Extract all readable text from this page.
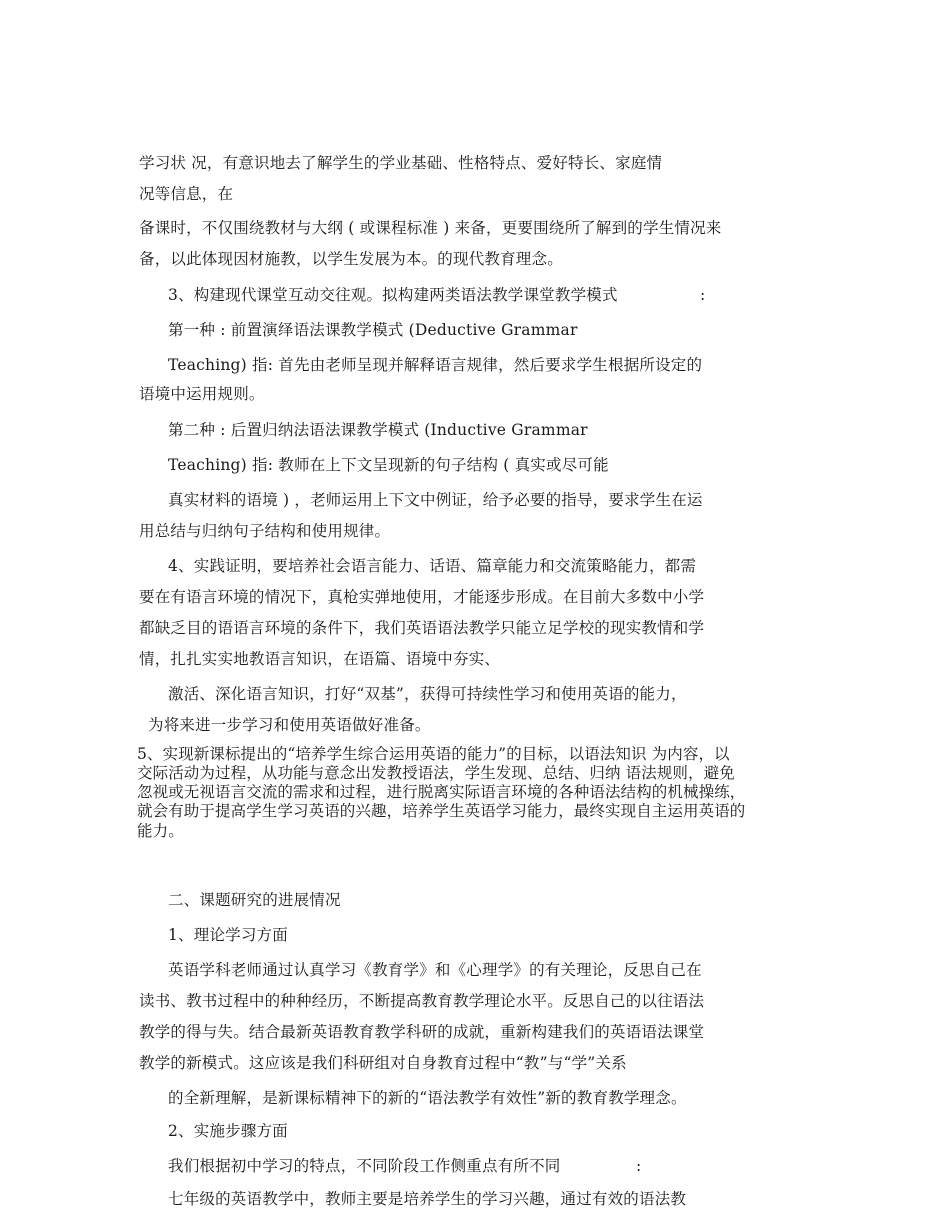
学习状 况，有意识地去了解学生的学业基础、性格特点、爱好特长、家庭情
况等信息，在
备课时，不仅围绕教材与大纲 ( 或课程标准 ) 来备，更要围绕所了解到的学生情况来
备，以此体现因材施教，以学生发展为本。的现代教育理念。
3、构建现代课堂互动交往观。拟构建两类语法教学课堂教学模式	:
第一种 : 前置演绎语法课教学模式 (Deductive Grammar
Teaching) 指: 首先由老师呈现并解释语言规律，然后要求学生根据所设定的
语境中运用规则。
第二种 : 后置归纳法语法课教学模式 (Inductive Grammar
Teaching) 指: 教师在上下文呈现新的句子结构 ( 真实或尽可能
真实材料的语境 ) ，老师运用上下文中例证，给予必要的指导，要求学生在运
用总结与归纳句子结构和使用规律。
4、实践证明，要培养社会语言能力、话语、篇章能力和交流策略能力，都需
要在有语言环境的情况下，真枪实弹地使用，才能逐步形成。在目前大多数中小学
都缺乏目的语语言环境的条件下，我们英语语法教学只能立足学校的现实教情和学
情，扎扎实实地教语言知识，在语篇、语境中夯实、
激活、深化语言知识，打好“双基”，获得可持续性学习和使用英语的能力，
为将来进一步学习和使用英语做好准备。
5、实现新课标提出的“培养学生综合运用英语的能力”的目标，以语法知识 为内容，以
交际活动为过程，从功能与意念出发教授语法，学生发现、总结、归纳 语法规则，避免
忽视或无视语言交流的需求和过程，进行脱离实际语言环境的各种语法结构的机械操练，
就会有助于提高学生学习英语的兴趣，培养学生英语学习能力，最终实现自主运用英语的
能力。
二、课题研究的进展情况
1、理论学习方面
英语学科老师通过认真学习《教育学》和《心理学》的有关理论，反思自己在
读书、教书过程中的种种经历，不断提高教育教学理论水平。反思自己的以往语法
教学的得与失。结合最新英语教育教学科研的成就，重新构建我们的英语语法课堂
教学的新模式。这应该是我们科研组对自身教育过程中“教”与“学”关系
的全新理解，是新课标精神下的新的“语法教学有效性”新的教育教学理念。
2、实施步骤方面
我们根据初中学习的特点，不同阶段工作侧重点有所不同	:
七年级的英语教学中，教师主要是培养学生的学习兴趣，通过有效的语法教
